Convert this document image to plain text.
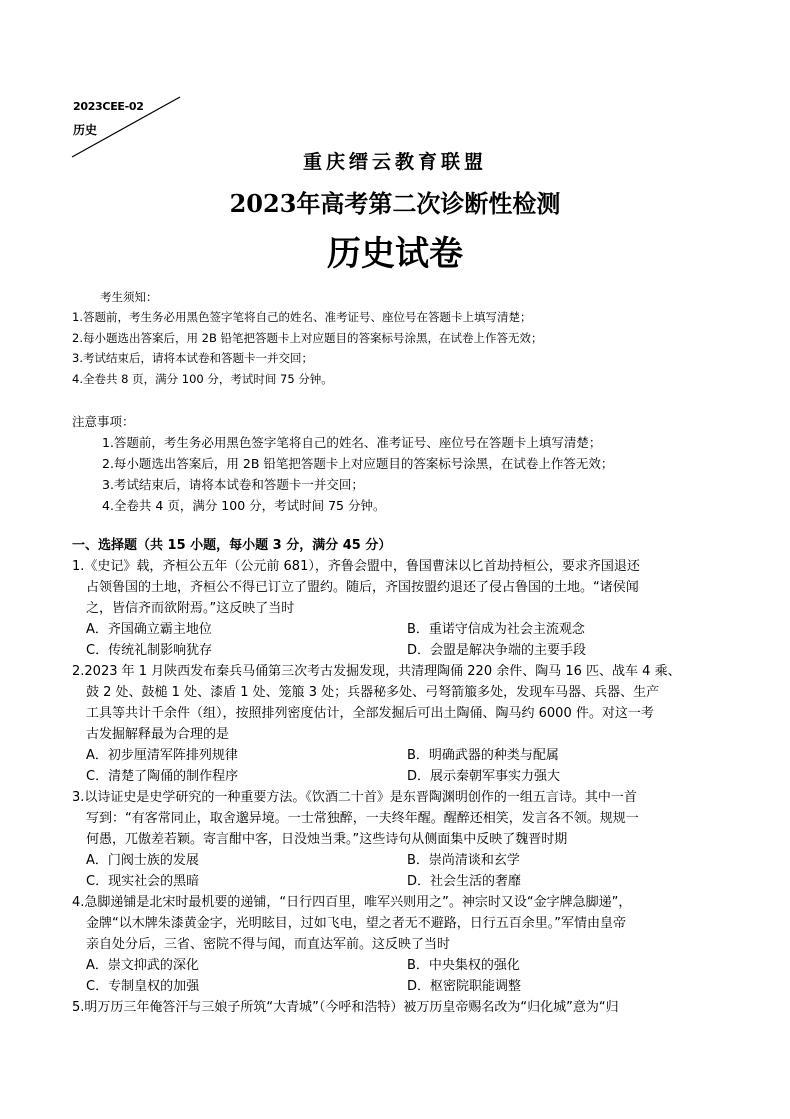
2023CEE-02
历史
重庆缙云教育联盟
2023年高考第二次诊断性检测
历史试卷
考生须知：
1.答题前，考生务必用黑色签字笔将自己的姓名、准考证号、座位号在答题卡上填写清楚；
2.每小题选出答案后，用 2B 铅笔把答题卡上对应题目的答案标号涂黑，在试卷上作答无效；
3.考试结束后，请将本试卷和答题卡一并交回；
4.全卷共 8 页，满分 100 分，考试时间 75 分钟。
注意事项：
1.答题前，考生务必用黑色签字笔将自己的姓名、准考证号、座位号在答题卡上填写清楚；
2.每小题选出答案后，用 2B 铅笔把答题卡上对应题目的答案标号涂黑，在试卷上作答无效；
3.考试结束后，请将本试卷和答题卡一并交回；
4.全卷共 4 页，满分 100 分，考试时间 75 分钟。
一、选择题（共 15 小题，每小题 3 分，满分 45 分）
1.《史记》载，齐桓公五年（公元前 681），齐鲁会盟中，鲁国曹沫以匕首劫持桓公，要求齐国退还
占领鲁国的土地，齐桓公不得已订立了盟约。随后，齐国按盟约退还了侵占鲁国的土地。“诸侯闻
之，皆信齐而欲附焉。”这反映了当时
A．齐国确立霸主地位	B．重诺守信成为社会主流观念
C．传统礼制影响犹存	D．会盟是解决争端的主要手段
2.2023 年 1 月陕西发布秦兵马俑第三次考古发掘发现，共清理陶俑 220 余件、陶马 16 匹、战车 4 乘、
鼓 2 处、鼓槌 1 处、漆盾 1 处、笼箙 3 处；兵器秘多处、弓弩箭箙多处，发现车马器、兵器、生产
工具等共计千余件（组），按照排列密度估计，全部发掘后可出土陶俑、陶马约 6000 件。对这一考
古发掘解释最为合理的是
A．初步厘清军阵排列规律	B．明确武器的种类与配属
C．清楚了陶俑的制作程序	D．展示秦朝军事实力强大
3.以诗证史是史学研究的一种重要方法。《饮酒二十首》是东晋陶渊明创作的一组五言诗。其中一首
写到：“有客常同止，取舍邈异境。一士常独醉，一夫终年醒。醒醉还相笑，发言各不领。规规一
何愚，兀傲差若颖。寄言酣中客，日没烛当秉。”这些诗句从侧面集中反映了魏晋时期
A．门阀士族的发展	B．崇尚清谈和玄学
C．现实社会的黑暗	D．社会生活的奢靡
4.急脚递铺是北宋时最机要的递铺，“日行四百里，唯军兴则用之”。神宗时又设“金字牌急脚递”，
金牌“以木牌朱漆黄金字，光明眩目，过如飞电，望之者无不避路，日行五百余里。”军情由皇帝
亲自处分后，三省、密院不得与闻，而直达军前。这反映了当时
A．崇文抑武的深化	B．中央集权的强化
C．专制皇权的加强	D．枢密院职能调整
5.明万历三年俺答汗与三娘子所筑“大青城”（今呼和浩特）被万历皇帝赐名改为“归化城”意为“归
